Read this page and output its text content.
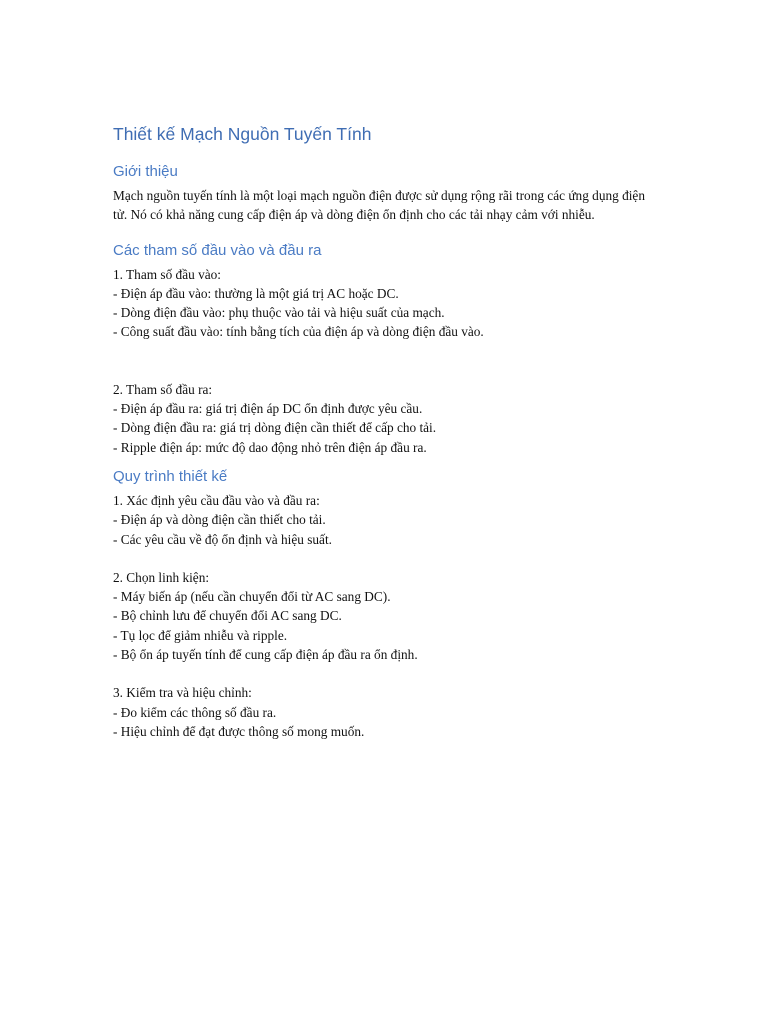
Thiết kế Mạch Nguồn Tuyến Tính
Giới thiệu

Mạch nguồn tuyến tính là một loại mạch nguồn điện được sử dụng rộng rãi trong các ứng dụng điện tử. Nó có khả năng cung cấp điện áp và dòng điện ổn định cho các tải nhạy cảm với nhiễu.

Các tham số đầu vào và đầu ra
1. Tham số đầu vào:
- Điện áp đầu vào: thường là một giá trị AC hoặc DC.
- Dòng điện đầu vào: phụ thuộc vào tải và hiệu suất của mạch.
- Công suất đầu vào: tính bằng tích của điện áp và dòng điện đầu vào.
2. Tham số đầu ra:
- Điện áp đầu ra: giá trị điện áp DC ổn định được yêu cầu.
- Dòng điện đầu ra: giá trị dòng điện cần thiết để cấp cho tải.
- Ripple điện áp: mức độ dao động nhỏ trên điện áp đầu ra.
Quy trình thiết kế
1. Xác định yêu cầu đầu vào và đầu ra:
- Điện áp và dòng điện cần thiết cho tải.
- Các yêu cầu về độ ổn định và hiệu suất.
2. Chọn linh kiện:
- Máy biến áp (nếu cần chuyển đổi từ AC sang DC).
- Bộ chỉnh lưu để chuyển đổi AC sang DC.
- Tụ lọc để giảm nhiễu và ripple.
- Bộ ổn áp tuyến tính để cung cấp điện áp đầu ra ổn định.
3. Kiểm tra và hiệu chỉnh:
- Đo kiểm các thông số đầu ra.
- Hiệu chỉnh để đạt được thông số mong muốn.
